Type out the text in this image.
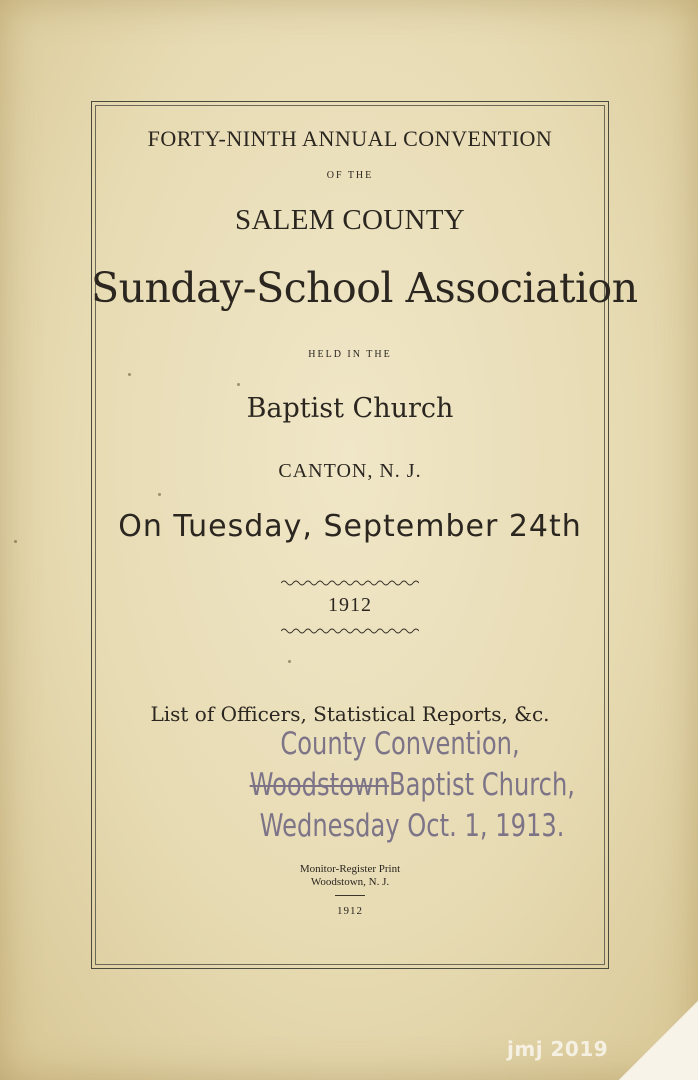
FORTY-NINTH ANNUAL CONVENTION
OF THE
SALEM COUNTY
Sunday-School Association
HELD IN THE
Baptist Church
CANTON, N. J.
On Tuesday, September 24th
1912
List of Officers, Statistical Reports, &c.
County Convention,
WoodstownBaptist Church,
Wednesday Oct. 1, 1913.
Monitor-Register Print
Woodstown, N. J.
1912
jmj 2019
